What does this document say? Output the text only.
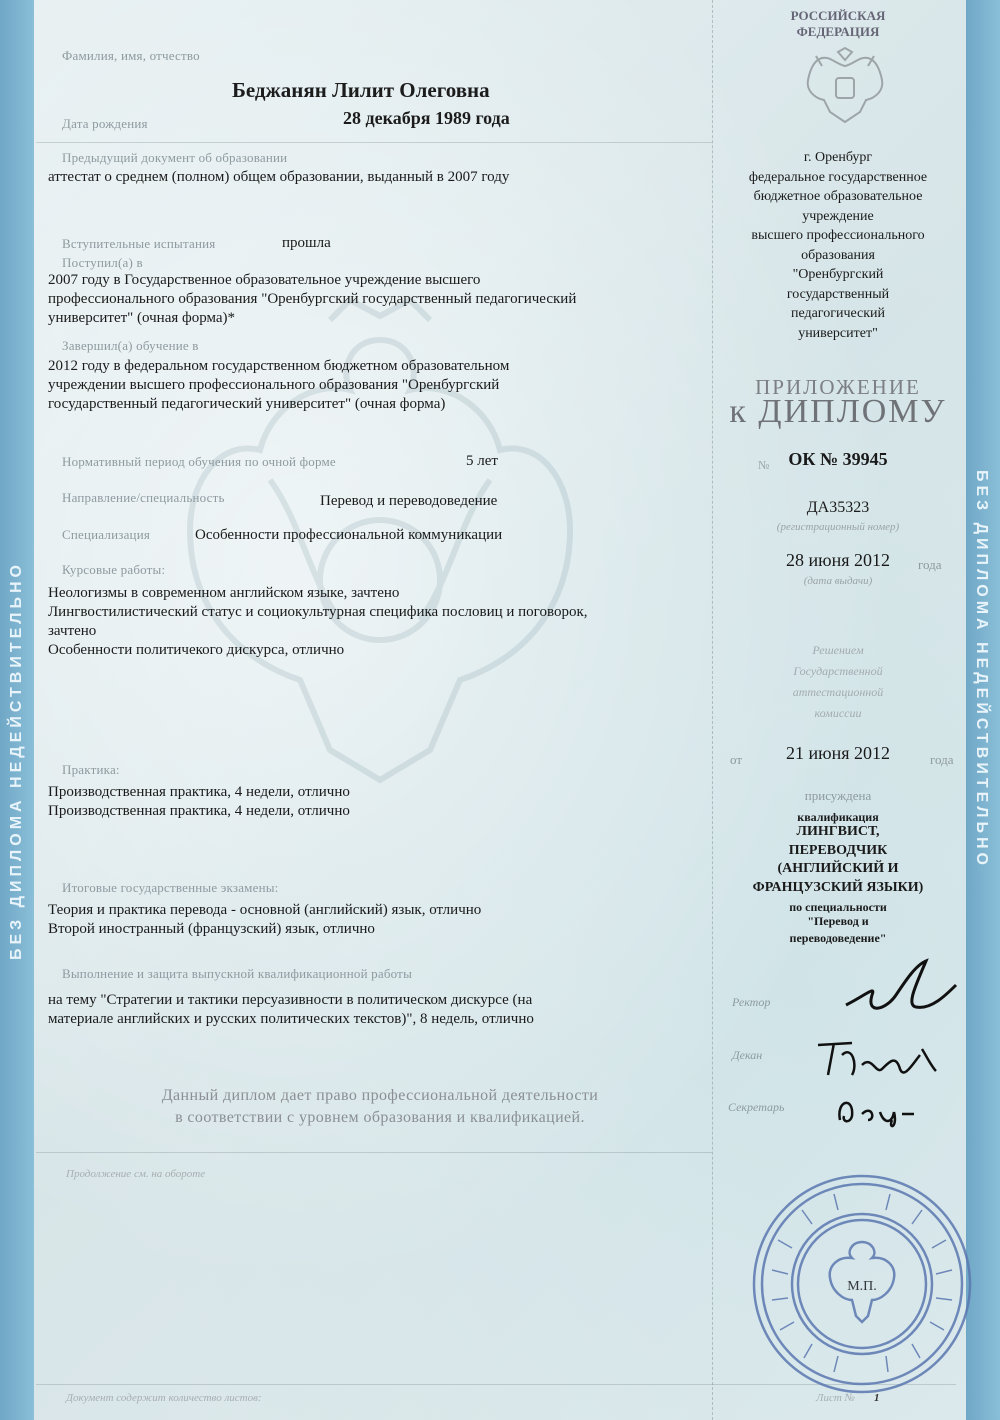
БЕЗ ДИПЛОМА НЕДЕЙСТВИТЕЛЬНО	БЕЗ ДИПЛОМА НЕДЕЙСТВИТЕЛЬНО
Фамилия, имя, отчество
Беджанян Лилит Олеговна
Дата рождения	28 декабря 1989 года
Предыдущий документ об образовании
аттестат о среднем (полном) общем образовании, выданный в 2007 году
Вступительные испытания	прошла
Поступил(а) в
2007 году в Государственное образовательное учреждение высшего
профессионального образования "Оренбургский государственный педагогический
университет" (очная форма)*
Завершил(а) обучение в
2012 году в федеральном государственном бюджетном образовательном
учреждении высшего профессионального образования "Оренбургский
государственный педагогический университет" (очная форма)
Нормативный период обучения по очной форме	5 лет
Направление/специальность	Перевод и переводоведение
Специализация	Особенности профессиональной коммуникации
Курсовые работы:
Неологизмы в современном английском языке, зачтено
Лингвостилистический статус и социокультурная специфика пословиц и поговорок,
зачтено
Особенности политичекого дискурса, отлично
Практика:
Производственная практика, 4 недели, отлично
Производственная практика, 4 недели, отлично
Итоговые государственные экзамены:
Теория и практика перевода - основной (английский) язык, отлично
Второй иностранный (французский) язык, отлично
Выполнение и защита выпускной квалификационной работы
на тему "Стратегии и тактики персуазивности в политическом дискурсе (на
материале английских и русских политических текстов)", 8 недель, отлично
Данный диплом дает право профессиональной деятельности
в соответствии с уровнем образования и квалификацией.
Продолжение см. на обороте
Документ содержит количество листов:
РОССИЙСКАЯ
ФЕДЕРАЦИЯ
г. Оренбург
федеральное государственное
бюджетное образовательное
учреждение
высшего профессионального
образования
"Оренбургский
государственный
педагогический
университет"
ПРИЛОЖЕНИЕ
к ДИПЛОМУ
№	ОК № 39945
ДА35323
(регистрационный номер)
28 июня 2012	года
(дата выдачи)
Решением
Государственной
аттестационной
комиссии
от	21 июня 2012	года
присуждена
квалификация
ЛИНГВИСТ,
ПЕРЕВОДЧИК
(АНГЛИЙСКИЙ И
ФРАНЦУЗСКИЙ ЯЗЫКИ)
по специальности
"Перевод и
переводоведение"
Ректор
Декан
Секретарь
М.П.
Лист № 1
